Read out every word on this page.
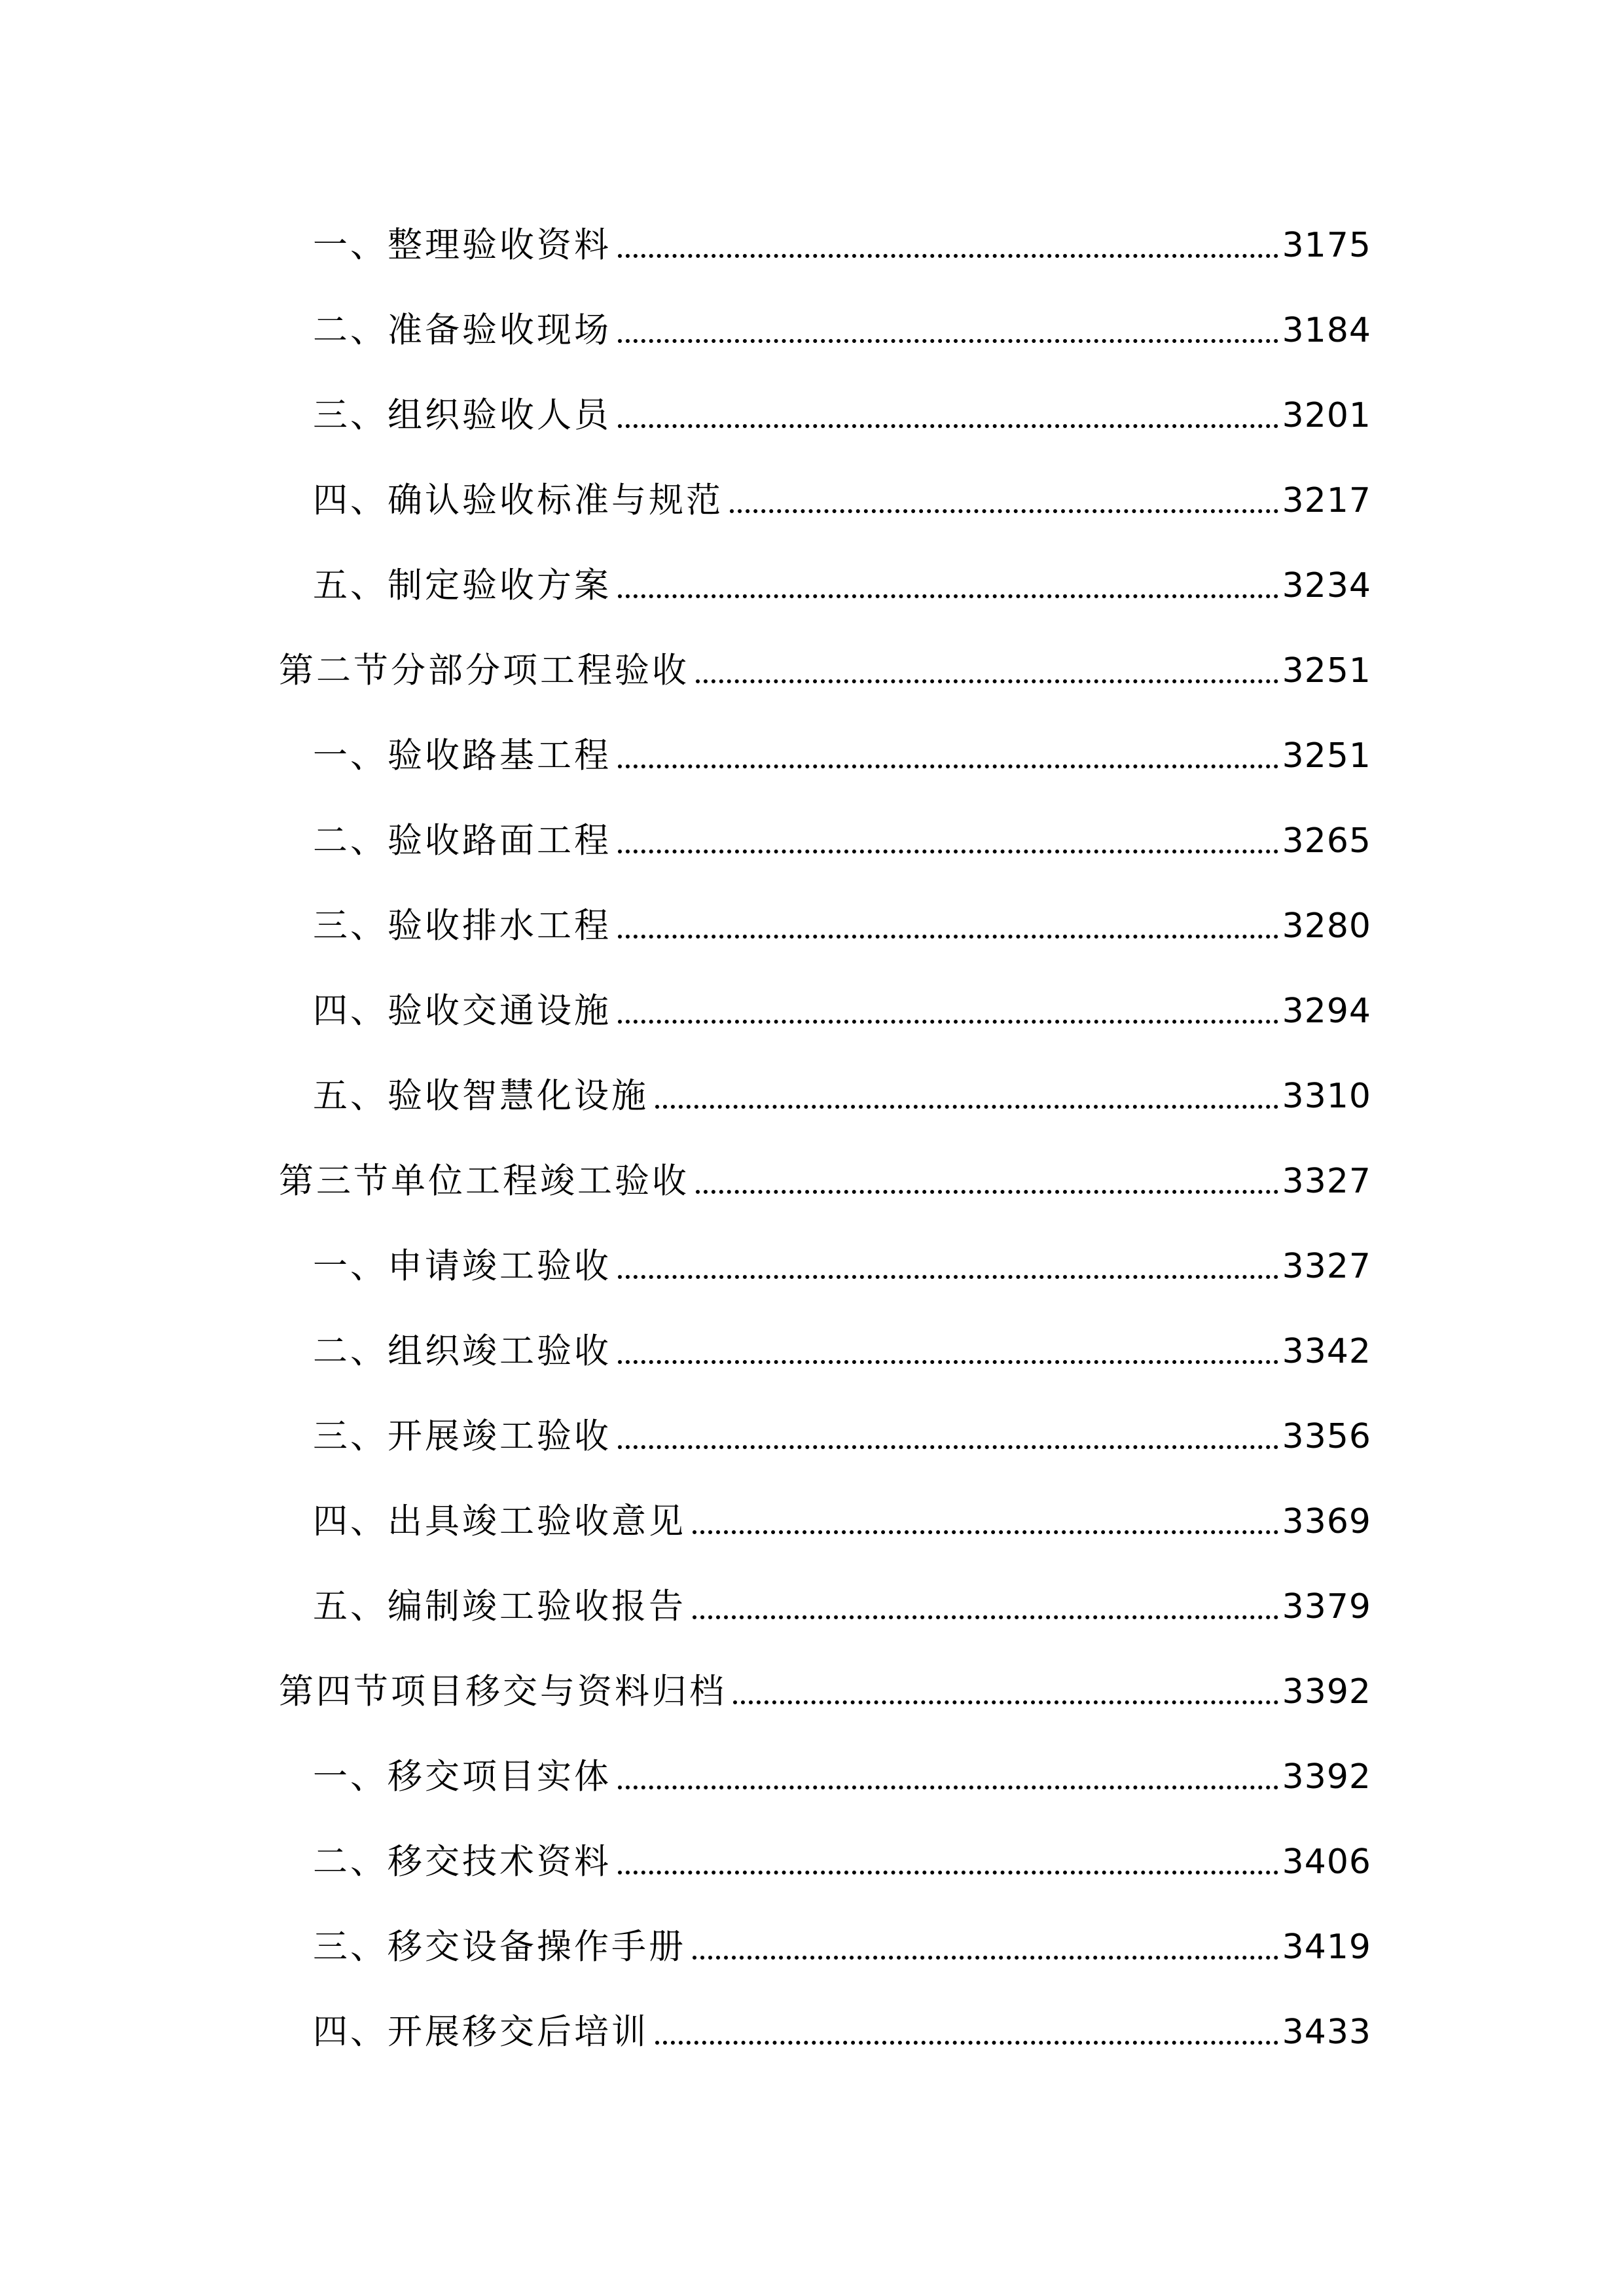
一、整理验收资料	3175
二、准备验收现场	3184
三、组织验收人员	3201
四、确认验收标准与规范	3217
五、制定验收方案	3234
第二节分部分项工程验收	3251
一、验收路基工程	3251
二、验收路面工程	3265
三、验收排水工程	3280
四、验收交通设施	3294
五、验收智慧化设施	3310
第三节单位工程竣工验收	3327
一、申请竣工验收	3327
二、组织竣工验收	3342
三、开展竣工验收	3356
四、出具竣工验收意见	3369
五、编制竣工验收报告	3379
第四节项目移交与资料归档	3392
一、移交项目实体	3392
二、移交技术资料	3406
三、移交设备操作手册	3419
四、开展移交后培训	3433
